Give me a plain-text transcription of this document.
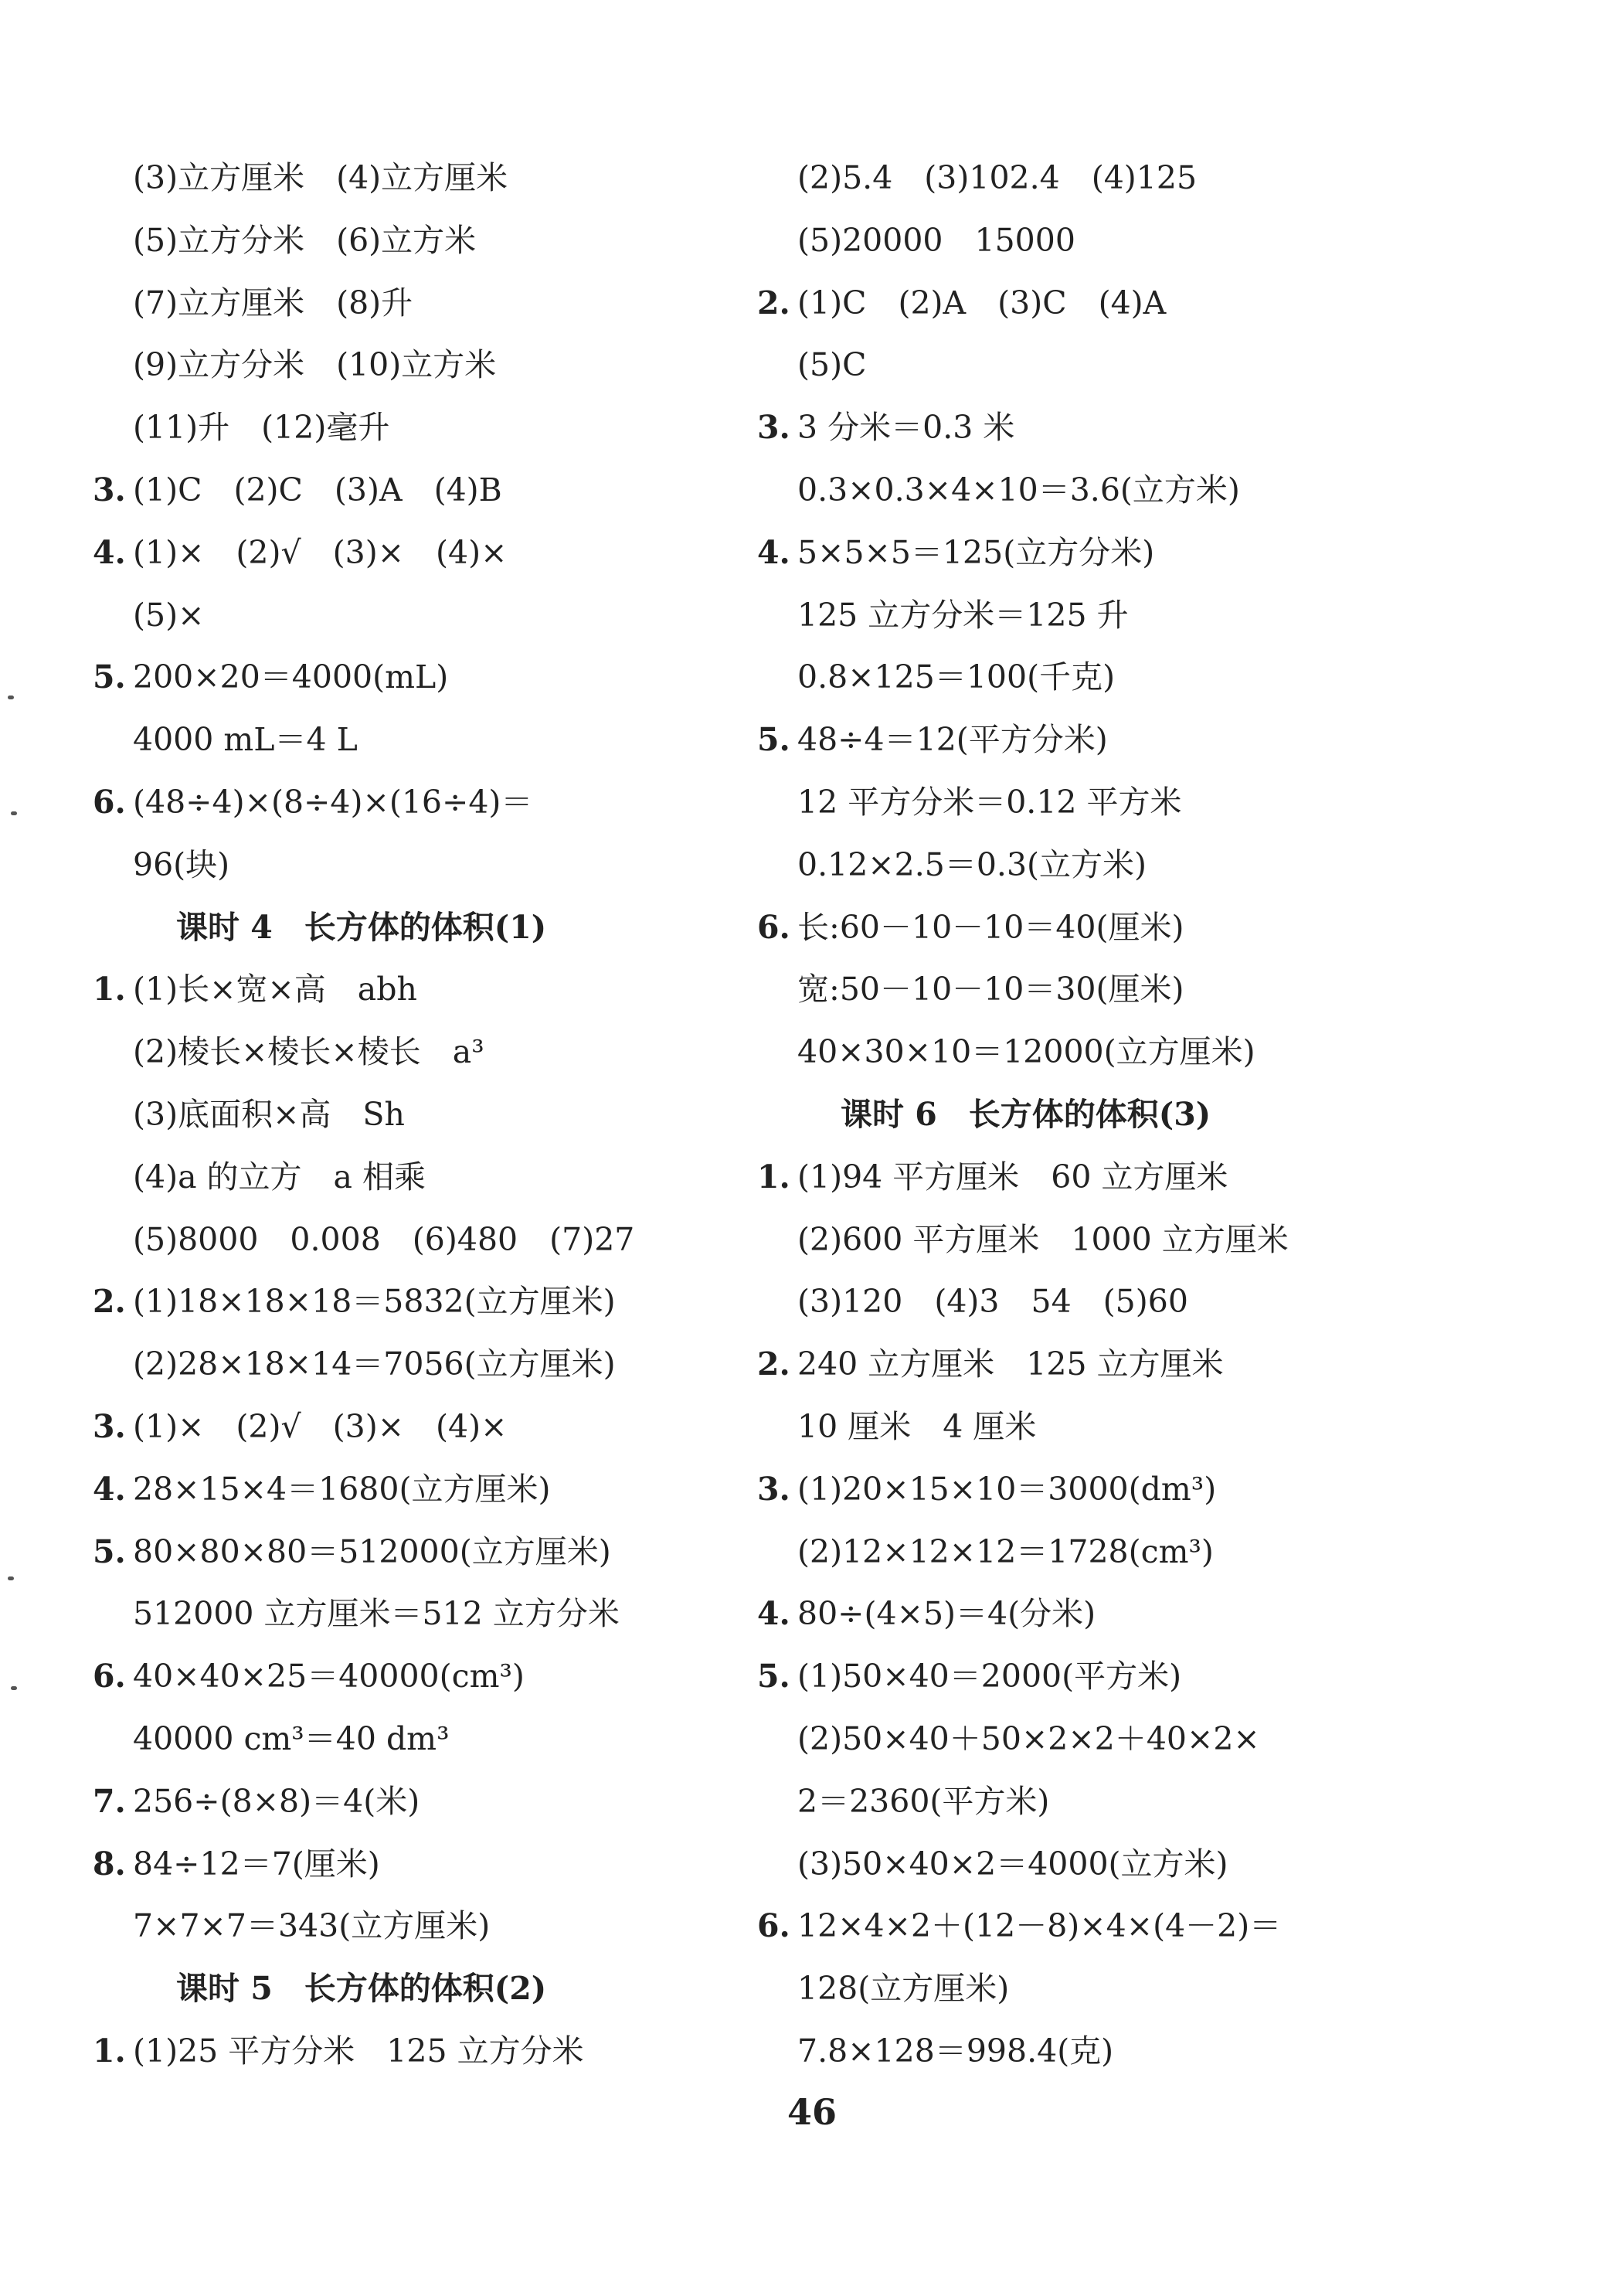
(3)立方厘米　(4)立方厘米
(5)立方分米　(6)立方米
(7)立方厘米　(8)升
(9)立方分米　(10)立方米
(11)升　(12)毫升
3. (1)C　(2)C　(3)A　(4)B
4. (1)×　(2)√　(3)×　(4)×
(5)×
5. 200×20＝4000(mL)
4000 mL＝4 L
6. (48÷4)×(8÷4)×(16÷4)＝
96(块)
课时 4　长方体的体积(1)
1. (1)长×宽×高　abh
(2)棱长×棱长×棱长　a³
(3)底面积×高　Sh
(4)a 的立方　a 相乘
(5)8000　0.008　(6)480　(7)27
2. (1)18×18×18＝5832(立方厘米)
(2)28×18×14＝7056(立方厘米)
3. (1)×　(2)√　(3)×　(4)×
4. 28×15×4＝1680(立方厘米)
5. 80×80×80＝512000(立方厘米)
512000 立方厘米＝512 立方分米
6. 40×40×25＝40000(cm³)
40000 cm³＝40 dm³
7. 256÷(8×8)＝4(米)
8. 84÷12＝7(厘米)
7×7×7＝343(立方厘米)
课时 5　长方体的体积(2)
1. (1)25 平方分米　125 立方分米
(2)5.4　(3)102.4　(4)125
(5)20000　15000
2. (1)C　(2)A　(3)C　(4)A
(5)C
3. 3 分米＝0.3 米
0.3×0.3×4×10＝3.6(立方米)
4. 5×5×5＝125(立方分米)
125 立方分米＝125 升
0.8×125＝100(千克)
5. 48÷4＝12(平方分米)
12 平方分米＝0.12 平方米
0.12×2.5＝0.3(立方米)
6. 长:60－10－10＝40(厘米)
宽:50－10－10＝30(厘米)
40×30×10＝12000(立方厘米)
课时 6　长方体的体积(3)
1. (1)94 平方厘米　60 立方厘米
(2)600 平方厘米　1000 立方厘米
(3)120　(4)3　54　(5)60
2. 240 立方厘米　125 立方厘米
10 厘米　4 厘米
3. (1)20×15×10＝3000(dm³)
(2)12×12×12＝1728(cm³)
4. 80÷(4×5)＝4(分米)
5. (1)50×40＝2000(平方米)
(2)50×40＋50×2×2＋40×2×
2＝2360(平方米)
(3)50×40×2＝4000(立方米)
6. 12×4×2＋(12－8)×4×(4－2)＝
128(立方厘米)
7.8×128＝998.4(克)
46
